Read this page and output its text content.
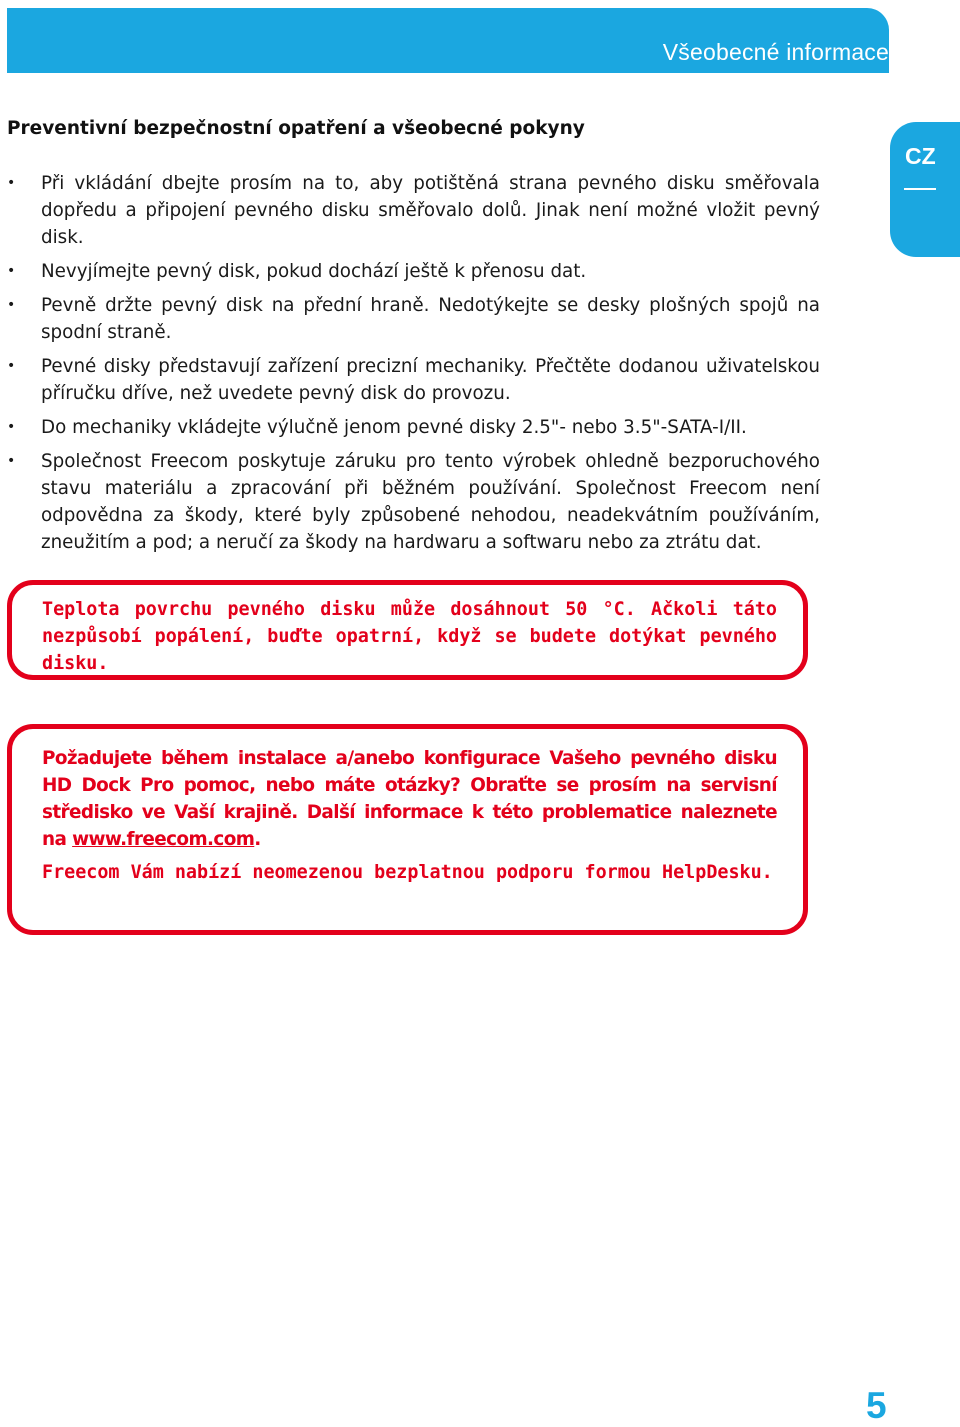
Všeobecné informace
CZ
Preventivní bezpečnostní opatření a všeobecné pokyny
• Při vkládání dbejte prosím na to, aby potištěná strana pevného disku směřovala dopředu a připojení pevného disku směřovalo dolů. Jinak není možné vložit pevný disk.
• Nevyjímejte pevný disk, pokud dochází ještě k přenosu dat.
• Pevně držte pevný disk na přední hraně. Nedotýkejte se desky plošných spojů na spodní straně.
• Pevné disky představují zařízení precizní mechaniky. Přečtěte dodanou uživatelskou příručku dříve, než uvedete pevný disk do provozu.
• Do mechaniky vkládejte výlučně jenom pevné disky 2.5"- nebo 3.5"-SATA-I/II.
• Společnost Freecom poskytuje záruku pro tento výrobek ohledně bezporuchového stavu materiálu a zpracování při běžném používání. Společnost Freecom není odpovědna za škody, které byly způsobené nehodou, neadekvátním používáním, zneužitím a pod; a neručí za škody na hardwaru a softwaru nebo za ztrátu dat.

Teplota povrchu pevného disku může dosáhnout 50 °C. Ačkoli táto nezpůsobí popálení, buďte opatrní, když se budete dotýkat pevného disku.

Požadujete během instalace a/anebo konfigurace Vašeho pevného disku HD Dock Pro pomoc, nebo máte otázky? Obraťte se prosím na servisní středisko ve Vaší krajině. Další informace k této problematice naleznete na www.freecom.com.

Freecom Vám nabízí neomezenou bezplatnou podporu formou HelpDesku.

5
